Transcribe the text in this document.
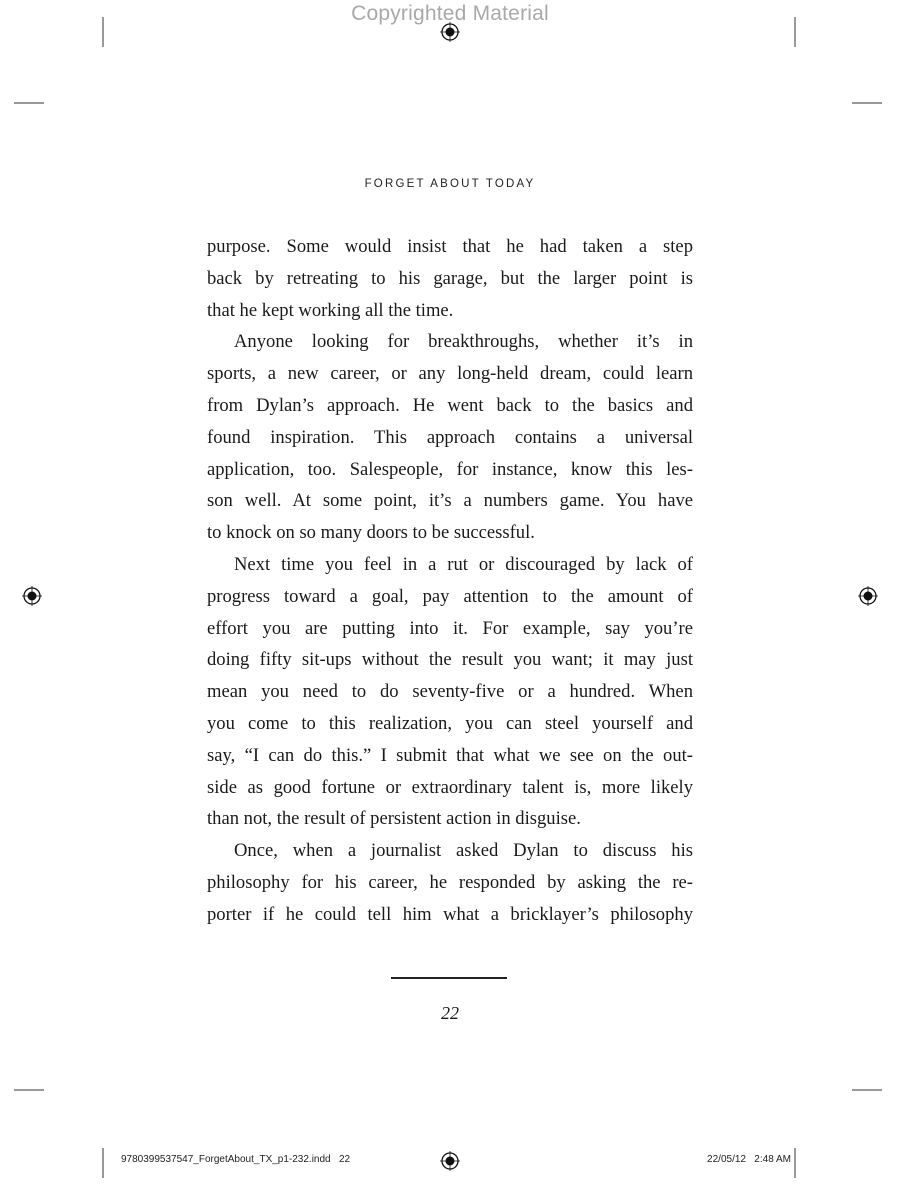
Copyrighted Material
FORGET ABOUT TODAY
purpose. Some would insist that he had taken a step
back by retreating to his garage, but the larger point is
that he kept working all the time.
Anyone looking for breakthroughs, whether it’s in
sports, a new career, or any long-held dream, could learn
from Dylan’s approach. He went back to the basics and
found inspiration. This approach contains a universal
application, too. Salespeople, for instance, know this les-
son well. At some point, it’s a numbers game. You have
to knock on so many doors to be successful.
Next time you feel in a rut or discouraged by lack of
progress toward a goal, pay attention to the amount of
effort you are putting into it. For example, say you’re
doing fifty sit-ups without the result you want; it may just
mean you need to do seventy-five or a hundred. When
you come to this realization, you can steel yourself and
say, “I can do this.” I submit that what we see on the out-
side as good fortune or extraordinary talent is, more likely
than not, the result of persistent action in disguise.
Once, when a journalist asked Dylan to discuss his
philosophy for his career, he responded by asking the re-
porter if he could tell him what a bricklayer’s philosophy
22
9780399537547_ForgetAbout_TX_p1-232.indd   22	22/05/12   2:48 AM
